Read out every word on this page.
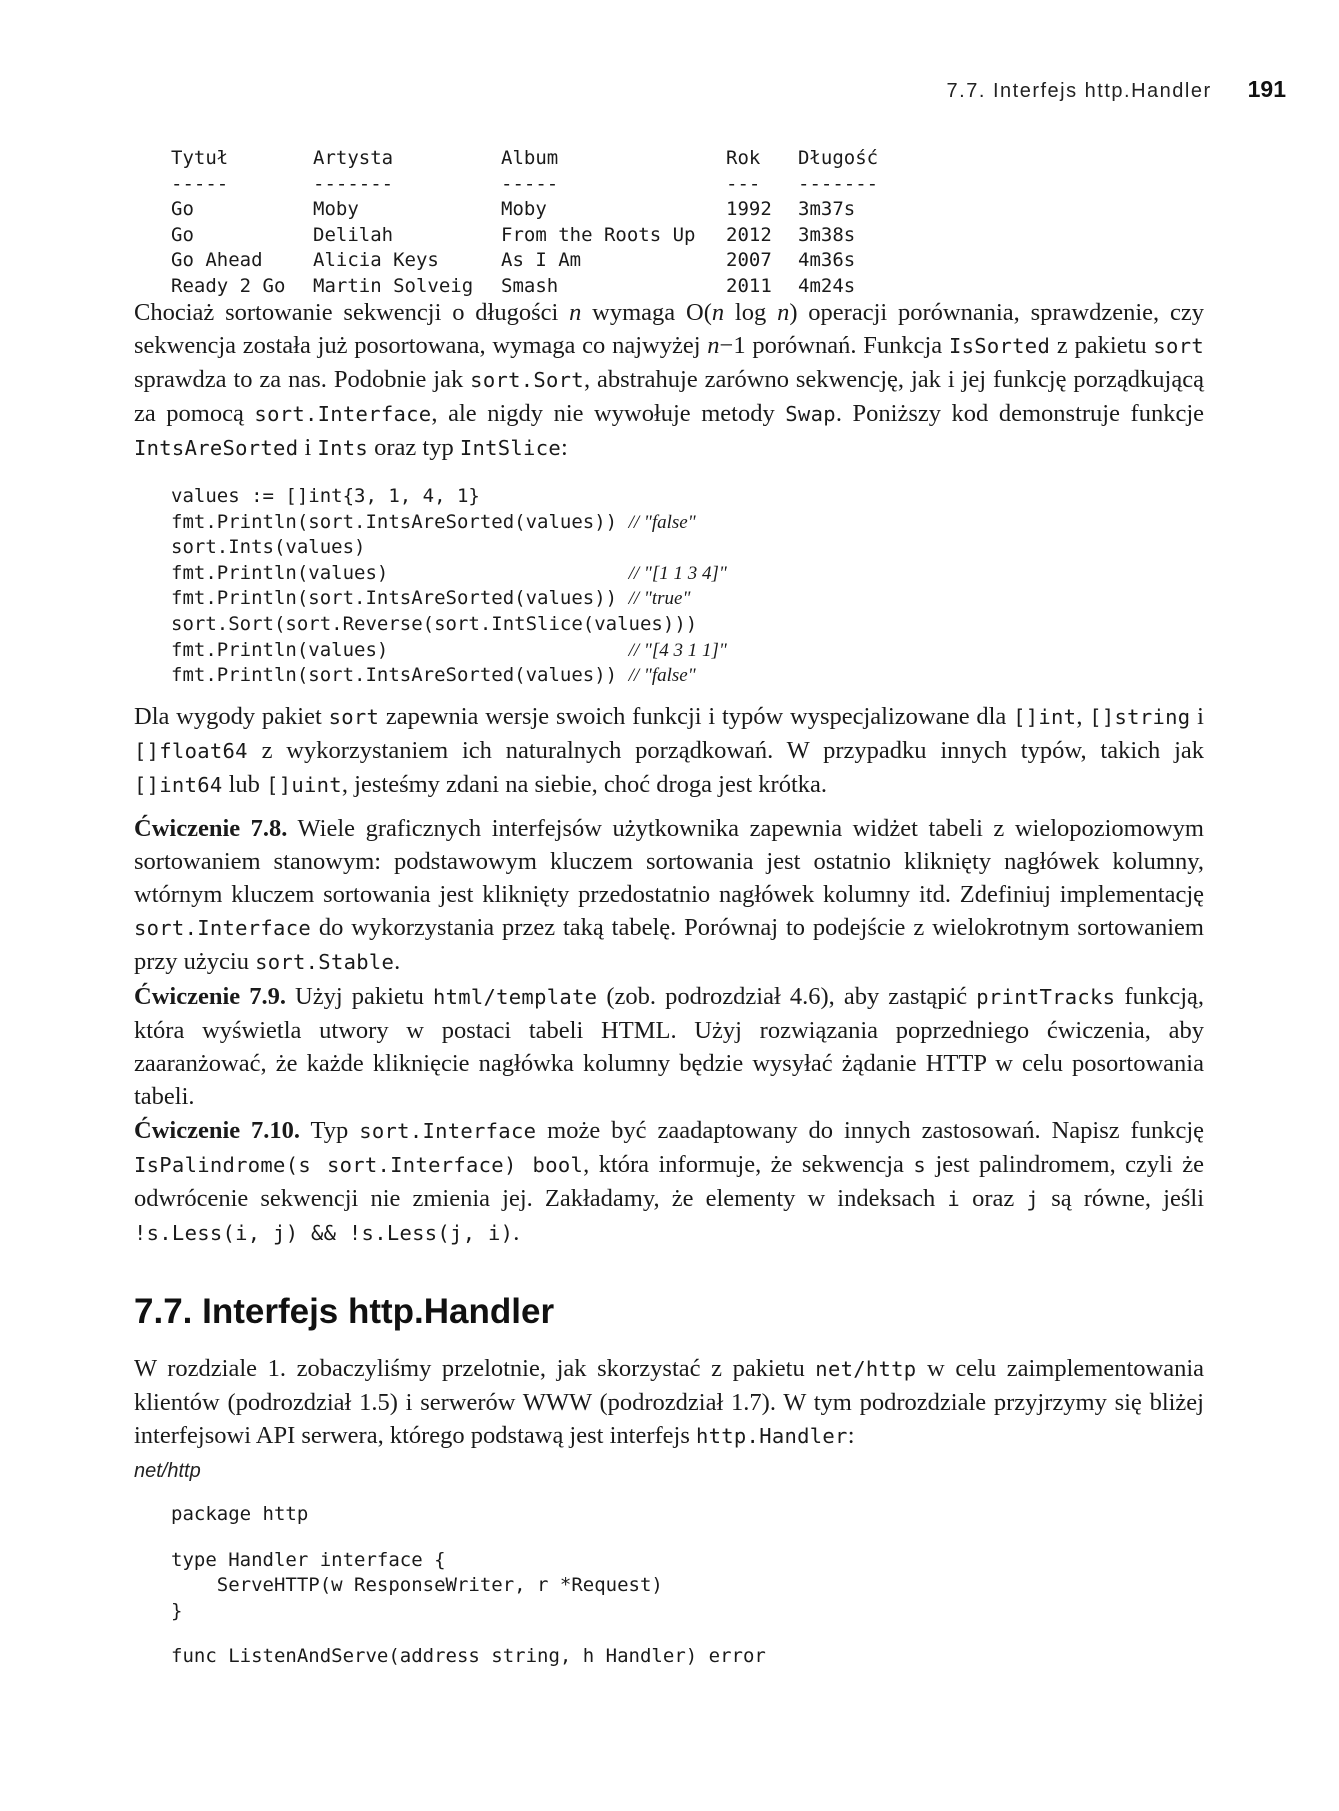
7.7. Interfejs http.Handler 191
Tytuł	Artysta	Album	Rok	Długość
-----	-------	-----	---	-------
Go	Moby	Moby	1992	3m37s
Go	Delilah	From the Roots Up	2012	3m38s
Go Ahead	Alicia Keys	As I Am	2007	4m36s
Ready 2 Go	Martin Solveig	Smash	2011	4m24s

Chociaż sortowanie sekwencji o długości n wymaga O(n log n) operacji porównania, sprawdzenie, czy sekwencja została już posortowana, wymaga co najwyżej n−1 porównań. Funkcja IsSorted z pakietu sort sprawdza to za nas. Podobnie jak sort.Sort, abstrahuje zarówno sekwencję, jak i jej funkcję porządkującą za pomocą sort.Interface, ale nigdy nie wywołuje metody Swap. Poniższy kod demonstruje funkcje IntsAreSorted i Ints oraz typ IntSlice:

values := []int{3, 1, 4, 1}
fmt.Println(sort.IntsAreSorted(values)) // "false"
sort.Ints(values)
fmt.Println(values)                     // "[1 1 3 4]"
fmt.Println(sort.IntsAreSorted(values)) // "true"
sort.Sort(sort.Reverse(sort.IntSlice(values)))
fmt.Println(values)                     // "[4 3 1 1]"
fmt.Println(sort.IntsAreSorted(values)) // "false"

Dla wygody pakiet sort zapewnia wersje swoich funkcji i typów wyspecjalizowane dla []int, []string i []float64 z wykorzystaniem ich naturalnych porządkowań. W przypadku innych typów, takich jak []int64 lub []uint, jesteśmy zdani na siebie, choć droga jest krótka.

Ćwiczenie 7.8. Wiele graficznych interfejsów użytkownika zapewnia widżet tabeli z wielopoziomowym sortowaniem stanowym: podstawowym kluczem sortowania jest ostatnio kliknięty nagłówek kolumny, wtórnym kluczem sortowania jest kliknięty przedostatnio nagłówek kolumny itd. Zdefiniuj implementację sort.Interface do wykorzystania przez taką tabelę. Porównaj to podejście z wielokrotnym sortowaniem przy użyciu sort.Stable.

Ćwiczenie 7.9. Użyj pakietu html/template (zob. podrozdział 4.6), aby zastąpić printTracks funkcją, która wyświetla utwory w postaci tabeli HTML. Użyj rozwiązania poprzedniego ćwiczenia, aby zaaranżować, że każde kliknięcie nagłówka kolumny będzie wysyłać żądanie HTTP w celu posortowania tabeli.

Ćwiczenie 7.10. Typ sort.Interface może być zaadaptowany do innych zastosowań. Napisz funkcję IsPalindrome(s sort.Interface) bool, która informuje, że sekwencja s jest palindromem, czyli że odwrócenie sekwencji nie zmienia jej. Zakładamy, że elementy w indeksach i oraz j są równe, jeśli !s.Less(i, j) && !s.Less(j, i).

7.7. Interfejs http.Handler

W rozdziale 1. zobaczyliśmy przelotnie, jak skorzystać z pakietu net/http w celu zaimplementowania klientów (podrozdział 1.5) i serwerów WWW (podrozdział 1.7). W tym podrozdziale przyjrzymy się bliżej interfejsowi API serwera, którego podstawą jest interfejs http.Handler:

net/http
package http
type Handler interface {
ServeHTTP(w ResponseWriter, r *Request)
}
func ListenAndServe(address string, h Handler) error
